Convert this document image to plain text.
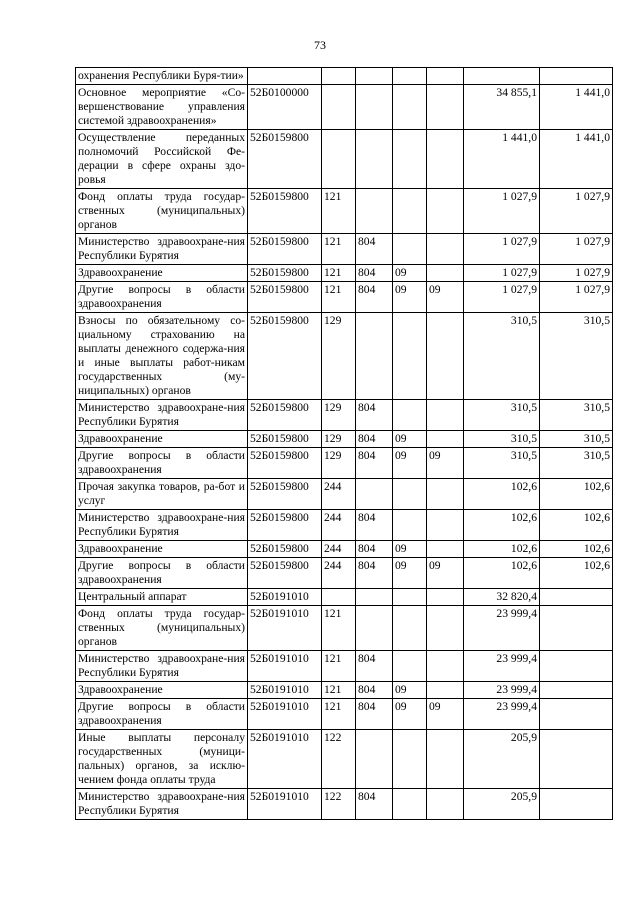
73
охранения Республики Буря-тии»							
Основное мероприятие «Со-вершенствование управления системой здравоохранения»	52Б0100000					34 855,1	1 441,0
Осуществление переданных полномочий Российской Фе-дерации в сфере охраны здо-ровья	52Б0159800					1 441,0	1 441,0
Фонд оплаты труда государ-ственных (муниципальных) органов	52Б0159800	121				1 027,9	1 027,9
Министерство здравоохране-ния Республики Бурятия	52Б0159800	121	804			1 027,9	1 027,9
Здравоохранение	52Б0159800	121	804	09		1 027,9	1 027,9
Другие вопросы в области здравоохранения	52Б0159800	121	804	09	09	1 027,9	1 027,9
Взносы по обязательному со-циальному страхованию на выплаты денежного содержа-ния и иные выплаты работ-никам государственных (му-ниципальных) органов	52Б0159800	129				310,5	310,5
Министерство здравоохране-ния Республики Бурятия	52Б0159800	129	804			310,5	310,5
Здравоохранение	52Б0159800	129	804	09		310,5	310,5
Другие вопросы в области здравоохранения	52Б0159800	129	804	09	09	310,5	310,5
Прочая закупка товаров, ра-бот и услуг	52Б0159800	244				102,6	102,6
Министерство здравоохране-ния Республики Бурятия	52Б0159800	244	804			102,6	102,6
Здравоохранение	52Б0159800	244	804	09		102,6	102,6
Другие вопросы в области здравоохранения	52Б0159800	244	804	09	09	102,6	102,6
Центральный аппарат	52Б0191010					32 820,4	
Фонд оплаты труда государ-ственных (муниципальных) органов	52Б0191010	121				23 999,4	
Министерство здравоохране-ния Республики Бурятия	52Б0191010	121	804			23 999,4	
Здравоохранение	52Б0191010	121	804	09		23 999,4	
Другие вопросы в области здравоохранения	52Б0191010	121	804	09	09	23 999,4	
Иные выплаты персоналу государственных (муници-пальных) органов, за исклю-чением фонда оплаты труда	52Б0191010	122				205,9	
Министерство здравоохране-ния Республики Бурятия	52Б0191010	122	804			205,9	
